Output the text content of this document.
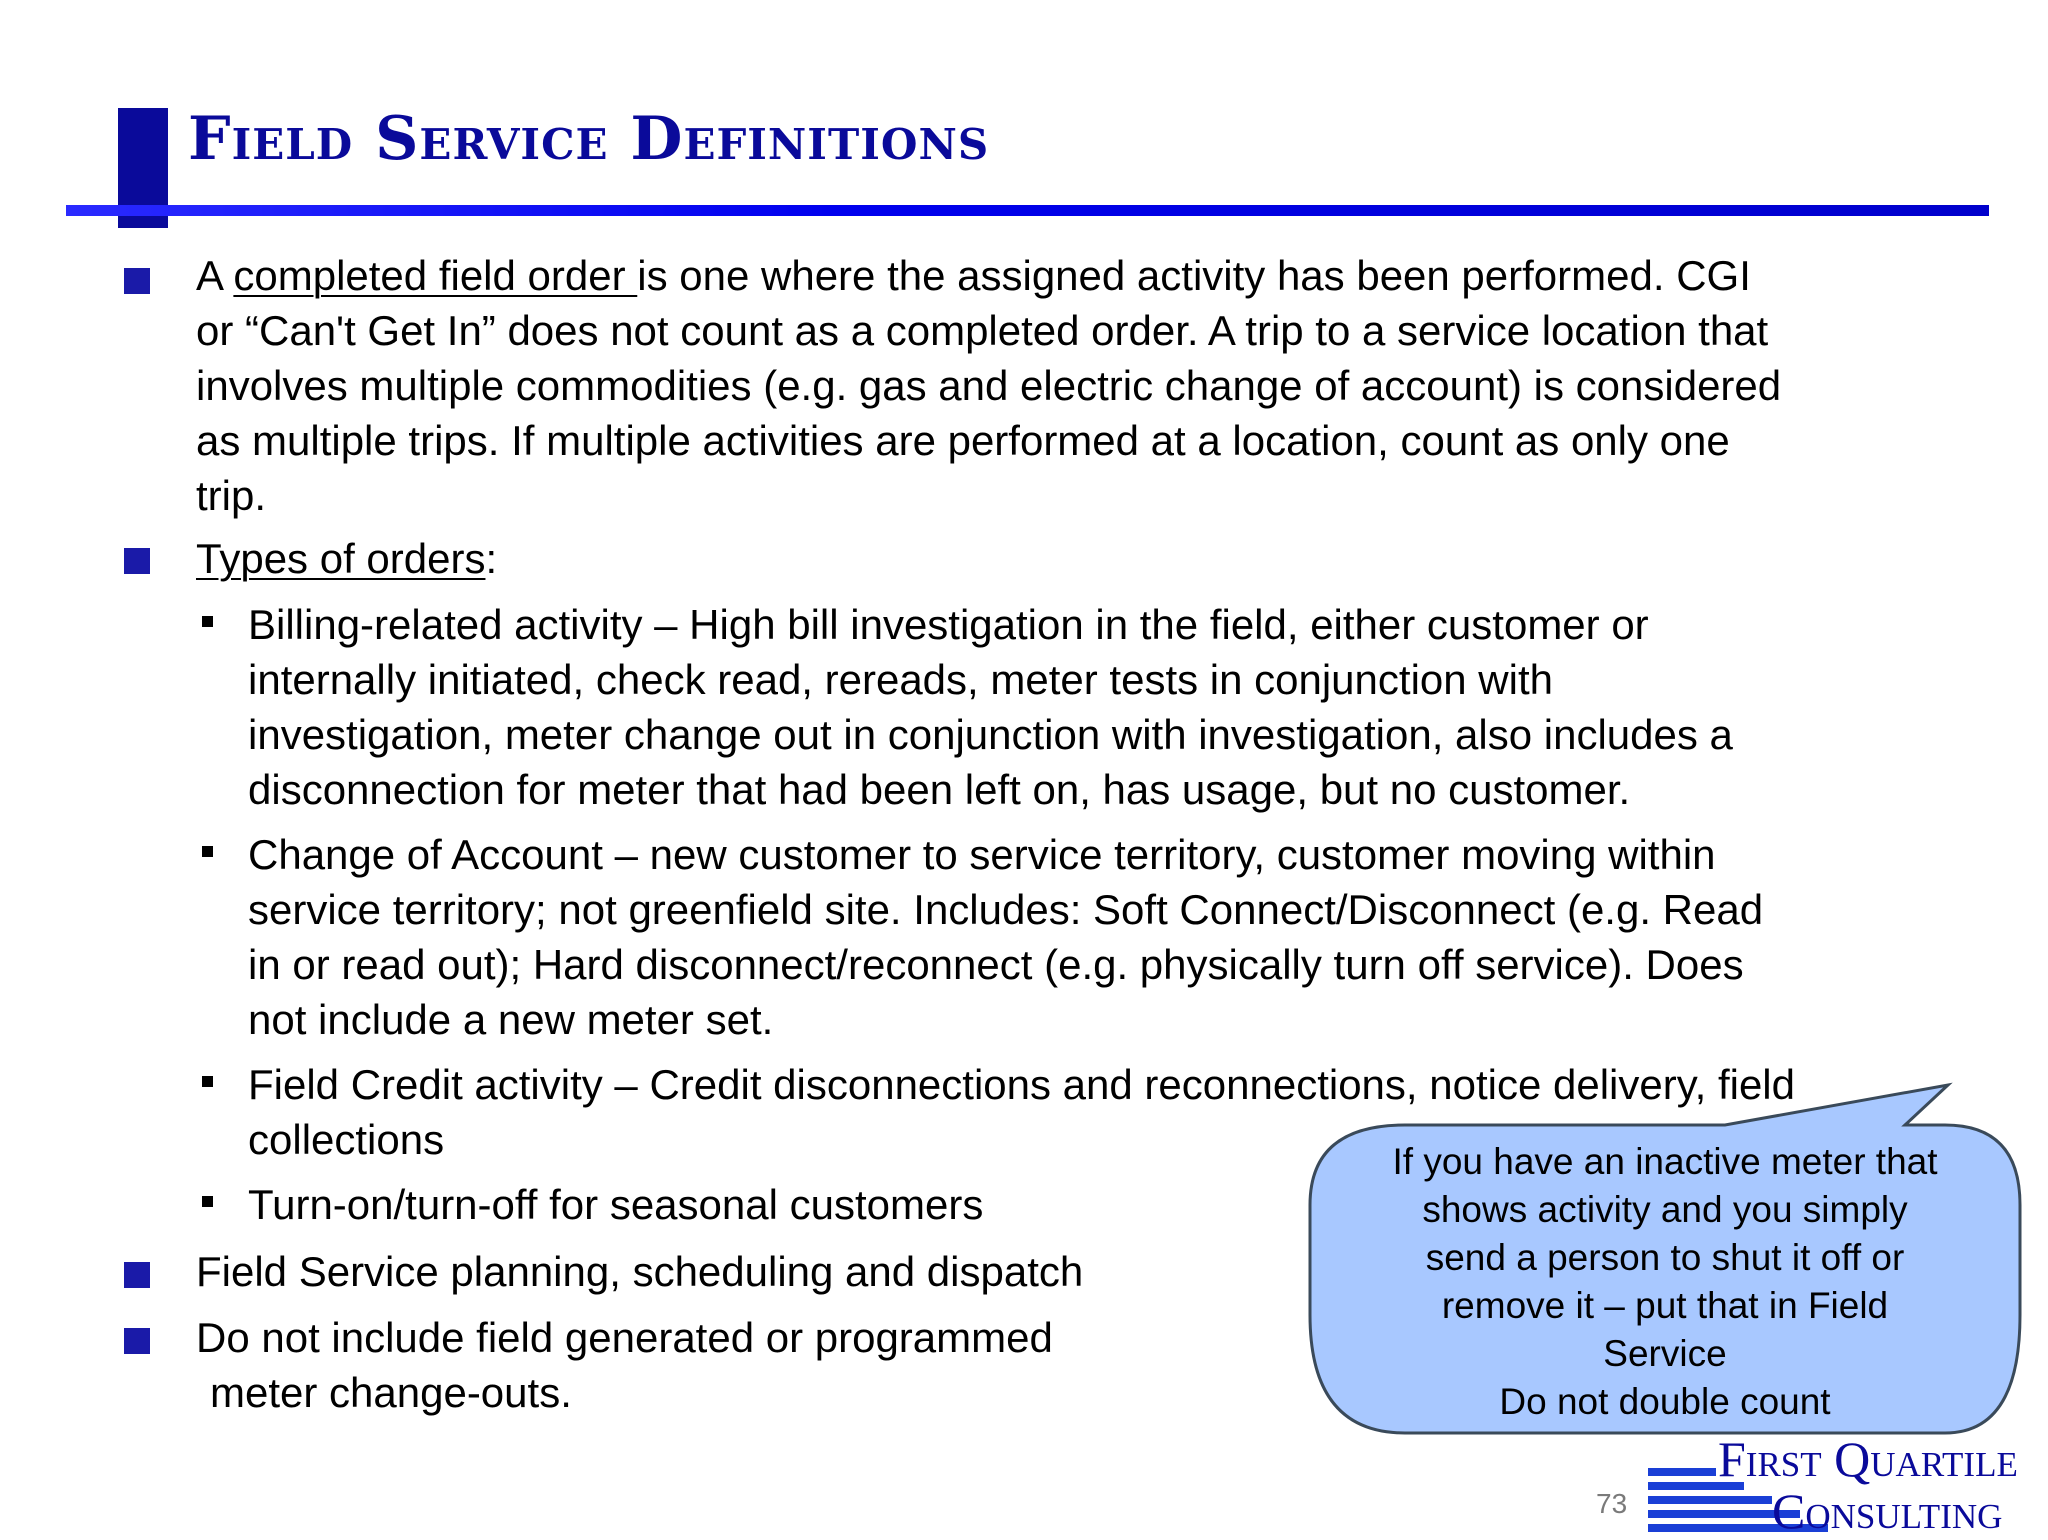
Field Service Definitions
A completed field order is one where the assigned activity has been performed. CGI
or “Can't Get In” does not count as a completed order. A trip to a service location that
involves multiple commodities (e.g. gas and electric change of account) is considered
as multiple trips. If multiple activities are performed at a location, count as only one
trip.
Types of orders:
Billing-related activity – High bill investigation in the field, either customer or
internally initiated, check read, rereads, meter tests in conjunction with
investigation, meter change out in conjunction with investigation, also includes a
disconnection for meter that had been left on, has usage, but no customer.
Change of Account – new customer to service territory, customer moving within
service territory; not greenfield site. Includes: Soft Connect/Disconnect (e.g. Read
in or read out); Hard disconnect/reconnect (e.g. physically turn off service). Does
not include a new meter set.
Field Credit activity – Credit disconnections and reconnections, notice delivery, field
collections
Turn-on/turn-off for seasonal customers
Field Service planning, scheduling and dispatch
Do not include field generated or programmed
meter change-outs.
If you have an inactive meter that
shows activity and you simply
send a person to shut it off or
remove it – put that in Field
Service
Do not double count
73
First Quartile
Consulting
